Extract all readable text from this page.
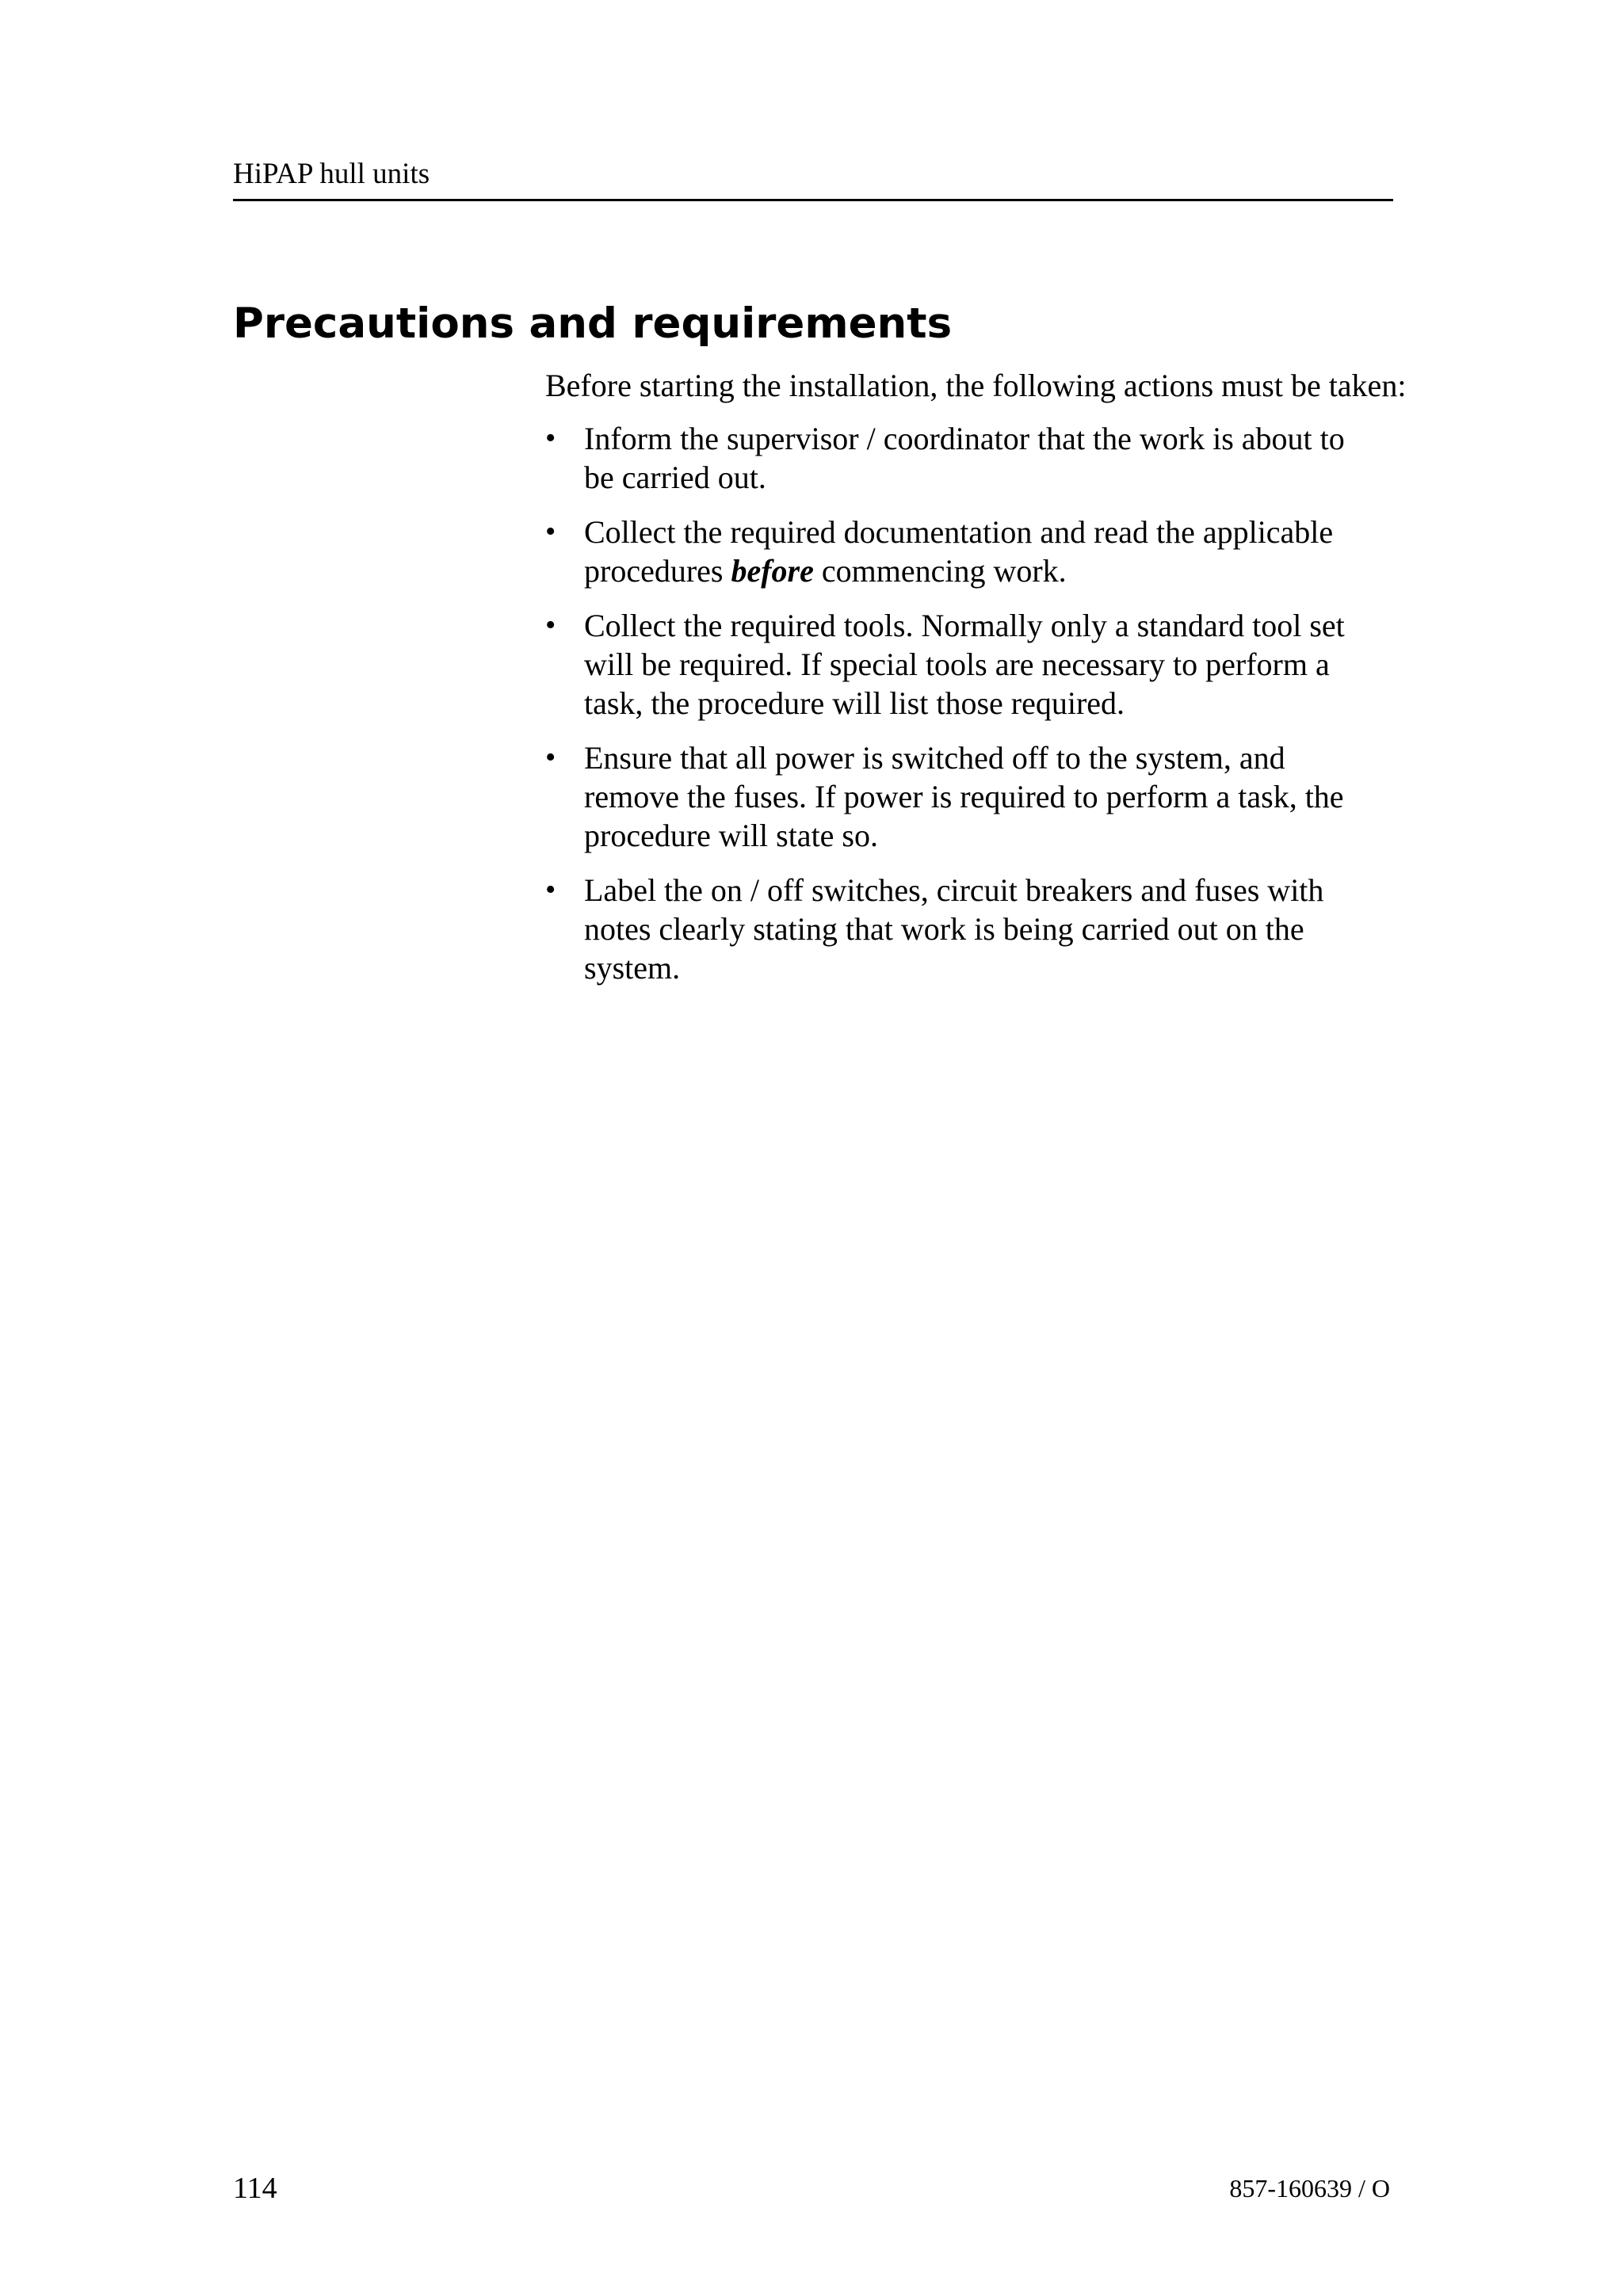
HiPAP hull units
Precautions and requirements

Before starting the installation, the following actions must be taken:

• Inform the supervisor / coordinator that the work is about to
be carried out.
• Collect the required documentation and read the applicable
procedures before commencing work.
• Collect the required tools. Normally only a standard tool set
will be required. If special tools are necessary to perform a
task, the procedure will list those required.
• Ensure that all power is switched off to the system, and
remove the fuses. If power is required to perform a task, the
procedure will state so.
• Label the on / off switches, circuit breakers and fuses with
notes clearly stating that work is being carried out on the
system.
114	857-160639 / O
